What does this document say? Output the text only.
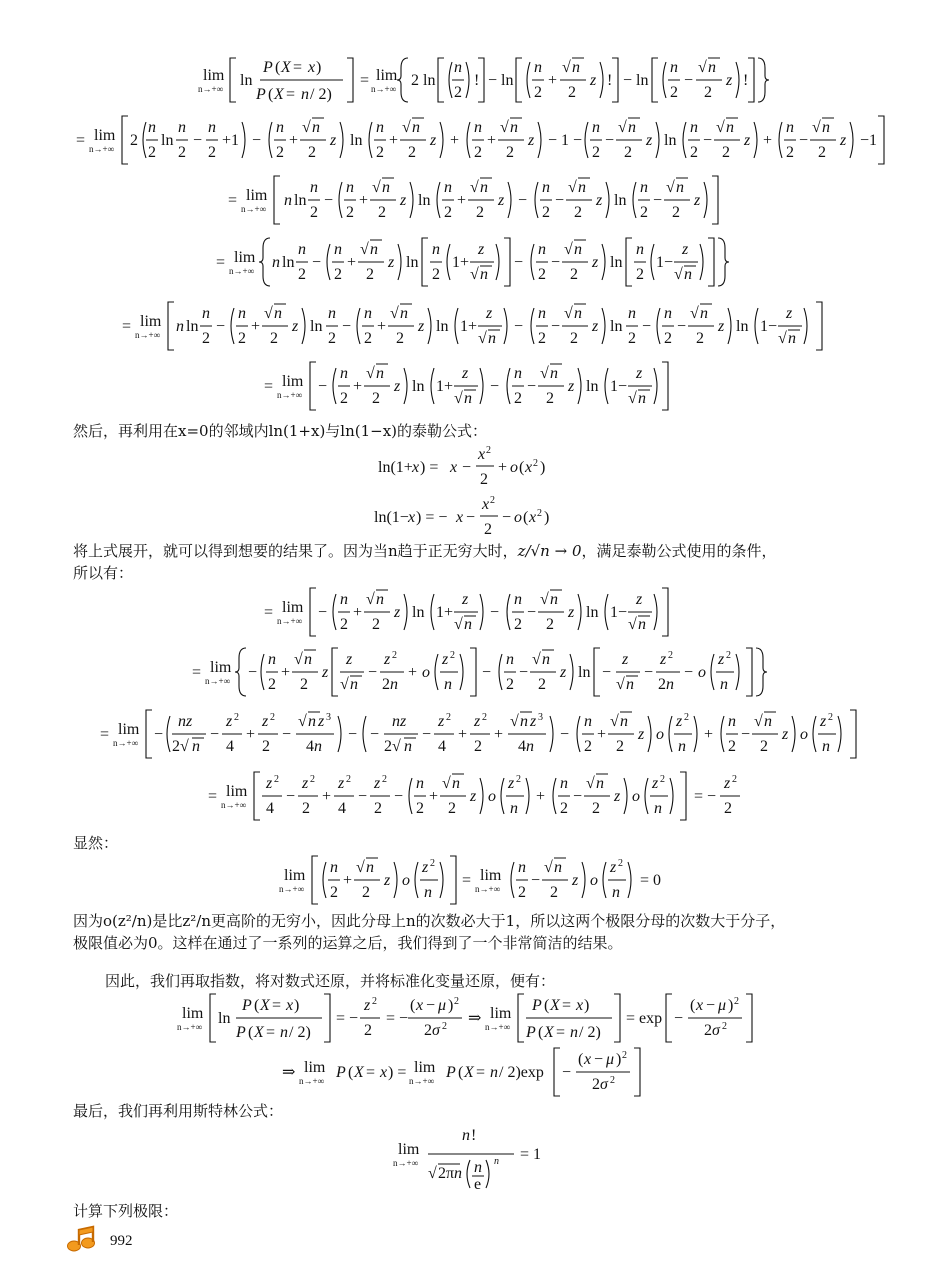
lim
n→+∞ ln
P ( X = x )
P ( X = n / 2)
= lim
n→+∞ 2 ln
n
2
! − ln
n
2
+
√ n
2
z ! − ln
n
2
−
√ n
2
z !
= lim
n→+∞ 2
n
2
ln
n
2
−
n
2
+1 −
n
2
+
√ n
2
z ln
n
2
+
√ n
2
z +
n
2
+
√ n
2
z − 1 −
n
2
−
√ n
2
z ln
n
2
−
√ n
2
z +
n
2
−
√ n
2
z −1
= lim
n→+∞ n ln
n
2
−
n
2
+
√ n
2
z ln
n
2
+
√ n
2
z −
n
2
−
√ n
2
z ln
n
2
−
√ n
2
z
= lim
n→+∞ n ln
n
2
−
n
2
+
√ n
2
z ln
n
2
1+
z
√ n
−
n
2
−
√ n
2
z ln
n
2
1−
z
√ n
= lim
n→+∞ n ln
n
2
−
n
2
+
√ n
2
z ln
n
2
−
n
2
+
√ n
2
z ln 1+
z
√ n
−
n
2
−
√ n
2
z ln
n
2
−
n
2
−
√ n
2
z ln 1−
z
√ n
= lim
n→+∞ −
n
2
+
√ n
2
z ln 1+
z
√ n
−
n
2
−
√ n
2
z ln 1−
z
√ n
然后，再利用在x=0的邻域内ln(1+x)与ln(1−x)的泰勒公式：
ln(1+ x ) = x −
x 2
2
+ o ( x 2 )
ln(1− x ) = − x −
x 2
2
− o ( x 2 )
将上式展开，就可以得到想要的结果了。因为当n趋于正无穷大时，z/√n → 0，满足泰勒公式使用的条件，
所以有：
= lim
n→+∞ −
n
2
+
√ n
2
z ln 1+
z
√ n
−
n
2
−
√ n
2
z ln 1−
z
√ n
= lim
n→+∞ −
n
2
+
√ n
2
z
z
√ n
−
z 2
2 n
+ o
z 2
n
−
n
2
−
√ n
2
z ln −
z
√ n
−
z 2
2 n
− o
z 2
n
= lim
n→+∞ −
nz
2√ n
−
z 2
4
+
z 2
2
−
√ n z 3
4 n
− −
nz
2√ n
−
z 2
4
+
z 2
2
+
√ n z 3
4 n
−
n
2
+
√ n
2
z o
z 2
n
+
n
2
−
√ n
2
z o
z 2
n
= lim
n→+∞
z 2
4
−
z 2
2
+
z 2
4
−
z 2
2
−
n
2
+
√ n
2
z o
z 2
n
+
n
2
−
√ n
2
z o
z 2
n
= −
z 2
2
显然：
lim
n→+∞
n
2
+
√ n
2
z o
z 2
n
= lim
n→+∞
n
2
−
√ n
2
z o
z 2
n
= 0
因为o(z²/n)是比z²/n更高阶的无穷小，因此分母上n的次数必大于1，所以这两个极限分母的次数大于分子，
极限值必为0。这样在通过了一系列的运算之后，我们得到了一个非常简洁的结果。
因此，我们再取指数，将对数式还原，并将标准化变量还原，便有：
lim
n→+∞ ln
P ( X = x )
P ( X = n / 2)
= −
z 2
2
= −
( x − μ ) 2
2 σ 2 ⇒ lim
n→+∞
P ( X = x )
P ( X = n / 2)
= exp −
( x − μ ) 2
2 σ 2
⇒ lim
n→+∞ P ( X = x ) = lim
n→+∞ P ( X = n / 2)exp −
( x − μ ) 2
2 σ 2
最后，我们再利用斯特林公式：
lim
n→+∞
n !
√ 2π n n
e
n = 1
计算下列极限：
992
